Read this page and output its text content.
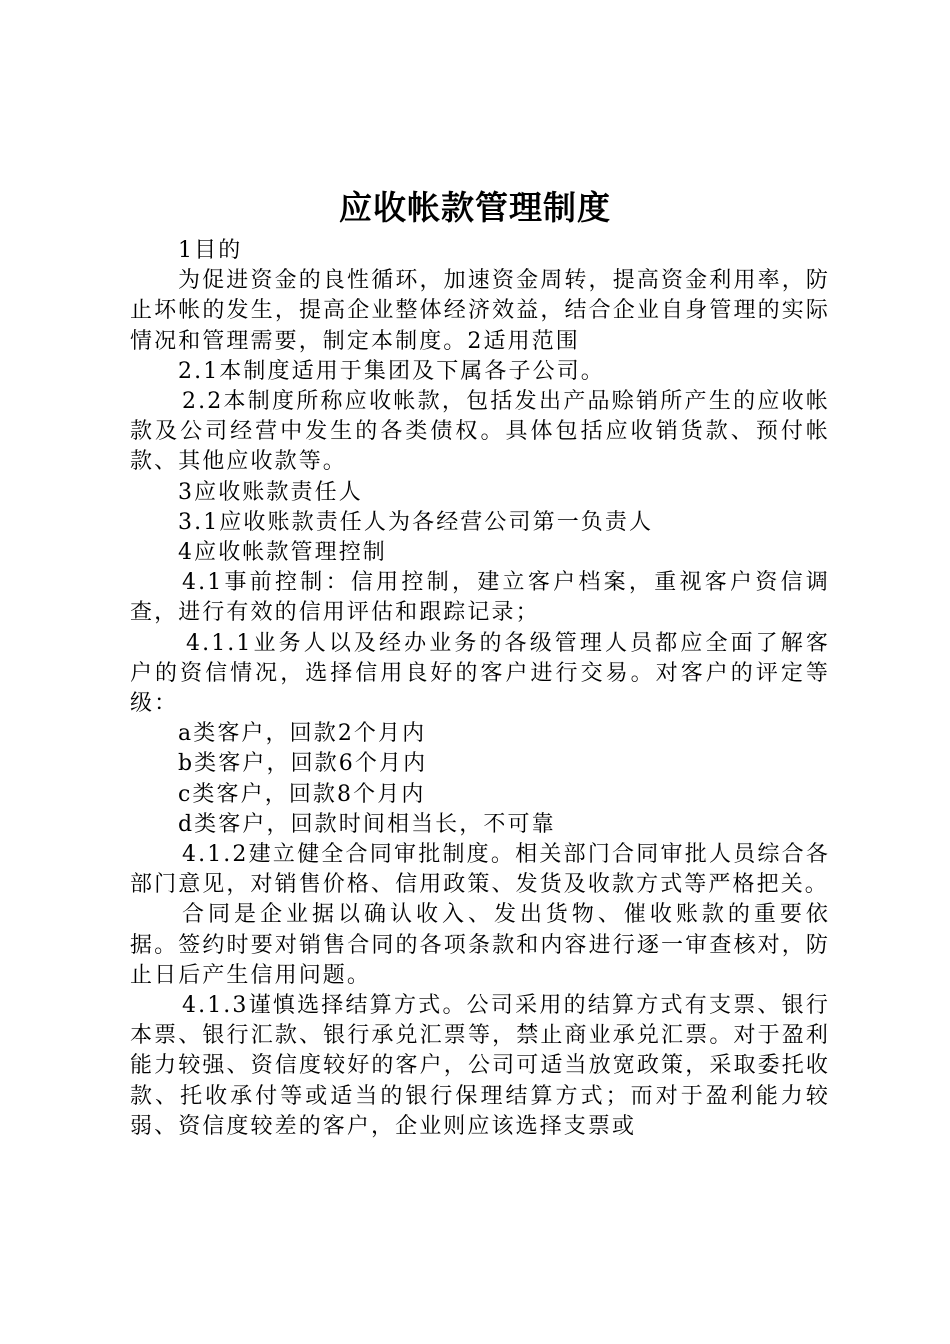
应收帐款管理制度

1目的

为促进资金的良性循环，加速资金周转，提高资金利用率，防止坏帐的发生，提高企业整体经济效益，结合企业自身管理的实际情况和管理需要，制定本制度。2适用范围

2.1本制度适用于集团及下属各子公司。

2.2本制度所称应收帐款，包括发出产品赊销所产生的应收帐款及公司经营中发生的各类债权。具体包括应收销货款、预付帐款、其他应收款等。

3应收账款责任人

3.1应收账款责任人为各经营公司第一负责人

4应收帐款管理控制

4.1事前控制：信用控制，建立客户档案，重视客户资信调查，进行有效的信用评估和跟踪记录；

4.1.1业务人以及经办业务的各级管理人员都应全面了解客户的资信情况，选择信用良好的客户进行交易。对客户的评定等级：

a类客户，回款2个月内

b类客户，回款6个月内

c类客户，回款8个月内

d类客户，回款时间相当长，不可靠

4.1.2建立健全合同审批制度。相关部门合同审批人员综合各部门意见，对销售价格、信用政策、发货及收款方式等严格把关。

合同是企业据以确认收入、发出货物、催收账款的重要依据。签约时要对销售合同的各项条款和内容进行逐一审查核对，防止日后产生信用问题。

4.1.3谨慎选择结算方式。公司采用的结算方式有支票、银行本票、银行汇款、银行承兑汇票等，禁止商业承兑汇票。对于盈利能力较强、资信度较好的客户，公司可适当放宽政策，采取委托收款、托收承付等或适当的银行保理结算方式；而对于盈利能力较弱、资信度较差的客户，企业则应该选择支票或
